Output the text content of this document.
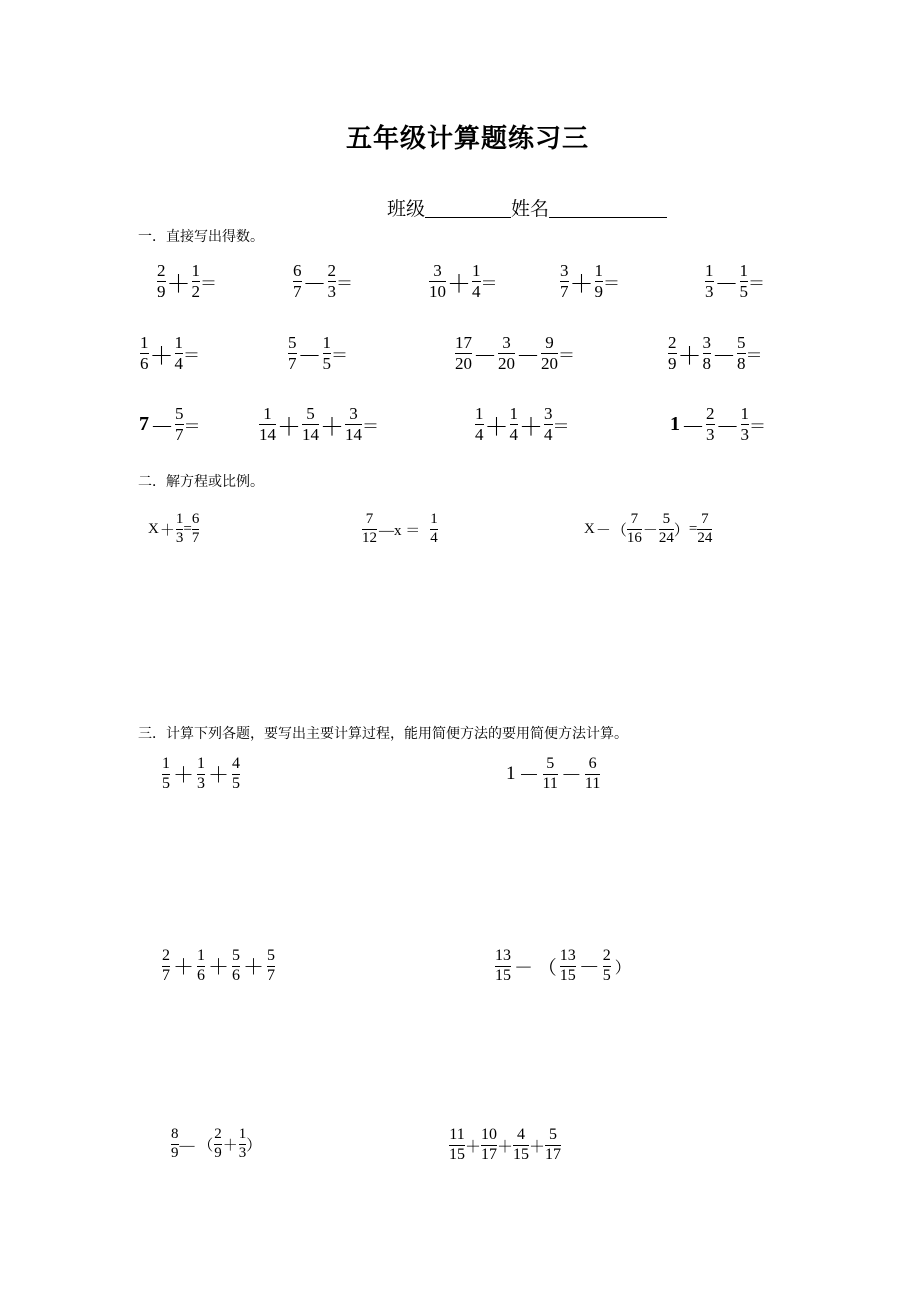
五年级计算题练习三
班级	姓名
一．直接写出得数。
$\frac{2}{9} + \frac{1}{2}$ ＝	$\frac{6}{7} - \frac{2}{3}$ ＝	$\frac{3}{10} + \frac{1}{4}$ ＝	$\frac{3}{7} + \frac{1}{9}$ ＝	$\frac{1}{3} - \frac{1}{5}$ ＝
$\frac{1}{6} + \frac{1}{4}$ ＝	$\frac{5}{7} - \frac{1}{5}$ ＝	$\frac{17}{20} - \frac{3}{20} - \frac{9}{20}$ ＝	$\frac{2}{9} + \frac{3}{8} - \frac{5}{8}$ ＝
$7 - \frac{5}{7}$ ＝	$\frac{1}{14} + \frac{5}{14} + \frac{3}{14}$ ＝	$\frac{1}{4} + \frac{1}{4} + \frac{3}{4}$ ＝	$1 - \frac{2}{3} - \frac{1}{3}$ ＝
二．解方程或比例。
$X + \frac{1}{3} = \frac{6}{7}$	$\frac{7}{12}$ —x ＝ $\frac{1}{4}$	X － （ $\frac{7}{16} - \frac{5}{24}$ ） = $\frac{7}{24}$
三．计算下列各题，要写出主要计算过程，能用简便方法的要用简便方法计算。
$\frac{1}{5} + \frac{1}{3} + \frac{4}{5}$	$1 - \frac{5}{11} - \frac{6}{11}$
$\frac{2}{7} + \frac{1}{6} + \frac{5}{6} + \frac{5}{7}$	$\frac{13}{15}$ － （ $\frac{13}{15} - \frac{2}{5}$ ）
$\frac{8}{9}$ — （ $\frac{2}{9} + \frac{1}{3}$ ）	$\frac{11}{15} + \frac{10}{17} + \frac{4}{15} + \frac{5}{17}$
